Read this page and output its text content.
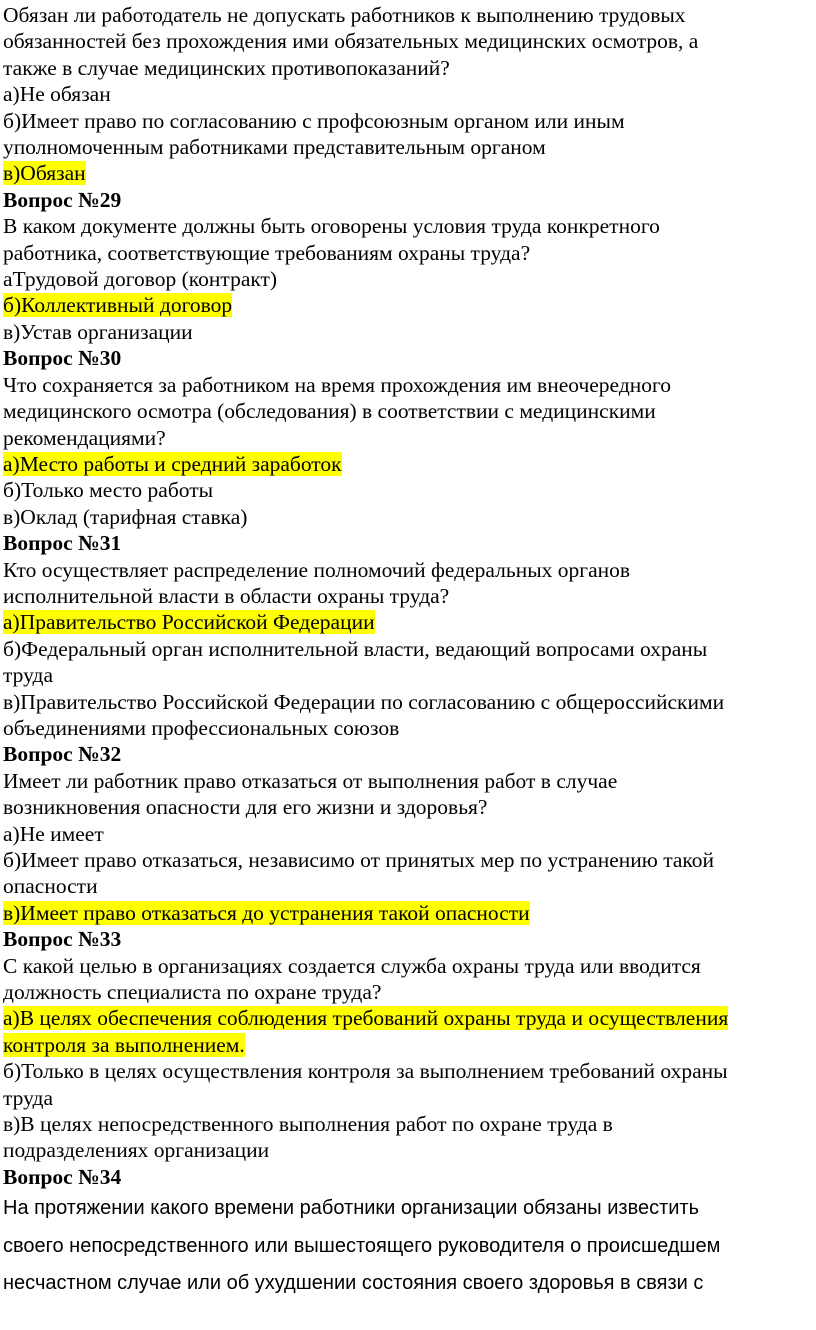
Обязан ли работодатель не допускать работников к выполнению трудовых
обязанностей без прохождения ими обязательных медицинских осмотров, а
также в случае медицинских противопоказаний?
а)Не обязан
б)Имеет право по согласованию с профсоюзным органом или иным
уполномоченным работниками представительным органом
в)Обязан
Вопрос №29
В каком документе должны быть оговорены условия труда конкретного
работника, соответствующие требованиям охраны труда?
аТрудовой договор (контракт)
б)Коллективный договор
в)Устав организации
Вопрос №30
Что сохраняется за работником на время прохождения им внеочередного
медицинского осмотра (обследования) в соответствии с медицинскими
рекомендациями?
а)Место работы и средний заработок
б)Только место работы
в)Оклад (тарифная ставка)
Вопрос №31
Кто осуществляет распределение полномочий федеральных органов
исполнительной власти в области охраны труда?
а)Правительство Российской Федерации
б)Федеральный орган исполнительной власти, ведающий вопросами охраны
труда
в)Правительство Российской Федерации по согласованию с общероссийскими
объединениями профессиональных союзов
Вопрос №32
Имеет ли работник право отказаться от выполнения работ в случае
возникновения опасности для его жизни и здоровья?
а)Не имеет
б)Имеет право отказаться, независимо от принятых мер по устранению такой
опасности
в)Имеет право отказаться до устранения такой опасности
Вопрос №33
С какой целью в организациях создается служба охраны труда или вводится
должность специалиста по охране труда?
а)В целях обеспечения соблюдения требований охраны труда и осуществления
контроля за выполнением.
б)Только в целях осуществления контроля за выполнением требований охраны
труда
в)В целях непосредственного выполнения работ по охране труда в
подразделениях организации
Вопрос №34
На протяжении какого времени работники организации обязаны известить
своего непосредственного или вышестоящего руководителя о происшедшем
несчастном случае или об ухудшении состояния своего здоровья в связи с
